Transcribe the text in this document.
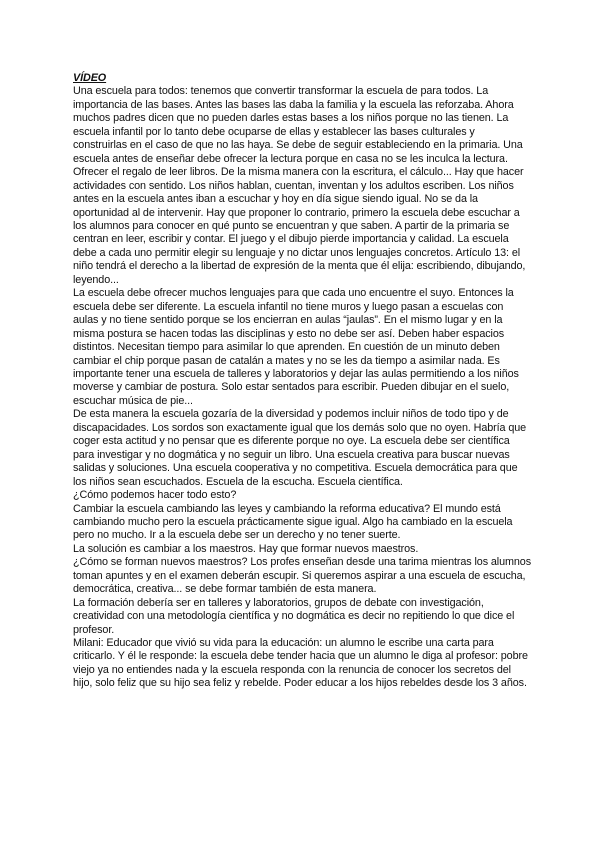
VÍDEO

Una escuela para todos: tenemos que convertir transformar la escuela de para todos. La importancia de las bases. Antes las bases las daba la familia y la escuela las reforzaba. Ahora muchos padres dicen que no pueden darles estas bases a los niños porque no las tienen. La escuela infantil por lo tanto debe ocuparse de ellas y establecer las bases culturales y construirlas en el caso de que no las haya. Se debe de seguir estableciendo en la primaria. Una escuela antes de enseñar debe ofrecer la lectura porque en casa no se les inculca la lectura. Ofrecer el regalo de leer libros. De la misma manera con la escritura, el cálculo... Hay que hacer actividades con sentido. Los niños hablan, cuentan, inventan y los adultos escriben. Los niños antes en la escuela antes iban a escuchar y hoy en día sigue siendo igual. No se da la oportunidad al de intervenir. Hay que proponer lo contrario, primero la escuela debe escuchar a los alumnos para conocer en qué punto se encuentran y que saben. A partir de la primaria se centran en leer, escribir y contar. El juego y el dibujo pierde importancia y calidad. La escuela debe a cada uno permitir elegir su lenguaje y no dictar unos lenguajes concretos. Artículo 13: el niño tendrá el derecho a la libertad de expresión de la menta que él elija: escribiendo, dibujando, leyendo...

La escuela debe ofrecer muchos lenguajes para que cada uno encuentre el suyo. Entonces la escuela debe ser diferente. La escuela infantil no tiene muros y luego pasan a escuelas con aulas y no tiene sentido porque se los encierran en aulas “jaulas”. En el mismo lugar y en la misma postura se hacen todas las disciplinas y esto no debe ser así. Deben haber espacios distintos. Necesitan tiempo para asimilar lo que aprenden. En cuestión de un minuto deben cambiar el chip porque pasan de catalán a mates y no se les da tiempo a asimilar nada. Es importante tener una escuela de talleres y laboratorios y dejar las aulas permitiendo a los niños moverse y cambiar de postura. Solo estar sentados para escribir. Pueden dibujar en el suelo, escuchar música de pie...

De esta manera la escuela gozaría de la diversidad y podemos incluir niños de todo tipo y de discapacidades. Los sordos son exactamente igual que los demás solo que no oyen. Habría que coger esta actitud y no pensar que es diferente porque no oye. La escuela debe ser científica para investigar y no dogmática y no seguir un libro. Una escuela creativa para buscar nuevas salidas y soluciones. Una escuela cooperativa y no competitiva. Escuela democrática para que los niños sean escuchados. Escuela de la escucha. Escuela científica.

¿Cómo podemos hacer todo esto?

Cambiar la escuela cambiando las leyes y cambiando la reforma educativa? El mundo está cambiando mucho pero la escuela prácticamente sigue igual. Algo ha cambiado en la escuela pero no mucho. Ir a la escuela debe ser un derecho y no tener suerte.

La solución es cambiar a los maestros. Hay que formar nuevos maestros.

¿Cómo se forman nuevos maestros? Los profes enseñan desde una tarima mientras los alumnos toman apuntes y en el examen deberán escupir. Si queremos aspirar a una escuela de escucha, democrática, creativa... se debe formar también de esta manera.

La formación debería ser en talleres y laboratorios, grupos de debate con investigación, creatividad con una metodología científica y no dogmática es decir no repitiendo lo que dice el profesor.

Milani: Educador que vivió su vida para la educación: un alumno le escribe una carta para criticarlo. Y él le responde: la escuela debe tender hacia que un alumno le diga al profesor: pobre viejo ya no entiendes nada y la escuela responda con la renuncia de conocer los secretos del hijo, solo feliz que su hijo sea feliz y rebelde. Poder educar a los hijos rebeldes desde los 3 años.
